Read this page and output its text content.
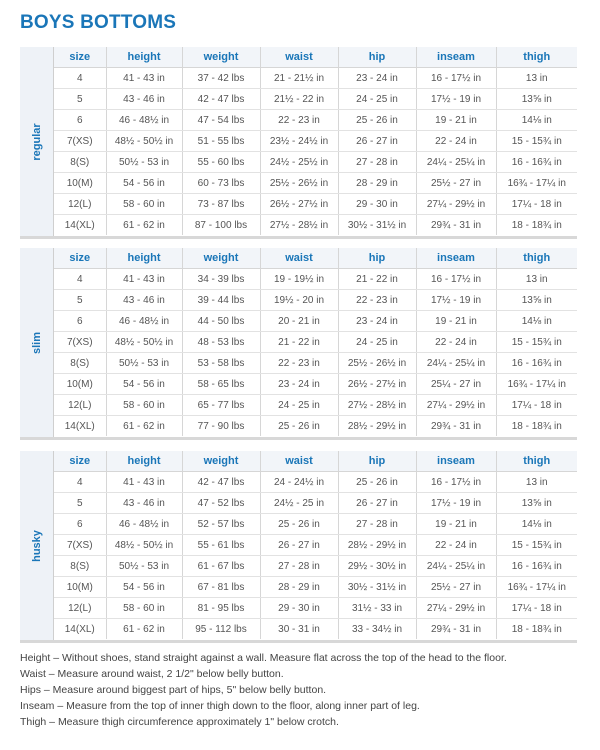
BOYS BOTTOMS
regular
size	height	weight	waist	hip	inseam	thigh
4	41 - 43 in	37 - 42 lbs	21 - 21½ in	23 - 24 in	16 - 17½ in	13 in
5	43 - 46 in	42 - 47 lbs	21½ - 22 in	24 - 25 in	17½ - 19 in	13⅝ in
6	46 - 48½ in	47 - 54 lbs	22 - 23 in	25 - 26 in	19 - 21 in	14⅛ in
7(XS)	48½ - 50½ in	51 - 55 lbs	23½ - 24½ in	26 - 27 in	22 - 24 in	15 - 15¾ in
8(S)	50½ - 53 in	55 - 60 lbs	24½ - 25½ in	27 - 28 in	24¼ - 25¼ in	16 - 16¾ in
10(M)	54 - 56 in	60 - 73 lbs	25½ - 26½ in	28 - 29 in	25½ - 27 in	16¾ - 17¼ in
12(L)	58 - 60 in	73 - 87 lbs	26½ - 27½ in	29 - 30 in	27¼ - 29½ in	17¼ - 18 in
14(XL)	61 - 62 in	87 - 100 lbs	27½ - 28½ in	30½ - 31½ in	29¾ - 31 in	18 - 18¾ in
slim
size	height	weight	waist	hip	inseam	thigh
4	41 - 43 in	34 - 39 lbs	19 - 19½ in	21 - 22 in	16 - 17½ in	13 in
5	43 - 46 in	39 - 44 lbs	19½ - 20 in	22 - 23 in	17½ - 19 in	13⅝ in
6	46 - 48½ in	44 - 50 lbs	20 - 21 in	23 - 24 in	19 - 21 in	14⅛ in
7(XS)	48½ - 50½ in	48 - 53 lbs	21 - 22 in	24 - 25 in	22 - 24 in	15 - 15¾ in
8(S)	50½ - 53 in	53 - 58 lbs	22 - 23 in	25½ - 26½ in	24¼ - 25¼ in	16 - 16¾ in
10(M)	54 - 56 in	58 - 65 lbs	23 - 24 in	26½ - 27½ in	25¼ - 27 in	16¾ - 17¼ in
12(L)	58 - 60 in	65 - 77 lbs	24 - 25 in	27½ - 28½ in	27¼ - 29½ in	17¼ - 18 in
14(XL)	61 - 62 in	77 - 90 lbs	25 - 26 in	28½ - 29½ in	29¾ - 31 in	18 - 18¾ in
husky
size	height	weight	waist	hip	inseam	thigh
4	41 - 43 in	42 - 47 lbs	24 - 24½ in	25 - 26 in	16 - 17½ in	13 in
5	43 - 46 in	47 - 52 lbs	24½ - 25 in	26 - 27 in	17½ - 19 in	13⅝ in
6	46 - 48½ in	52 - 57 lbs	25 - 26 in	27 - 28 in	19 - 21 in	14⅛ in
7(XS)	48½ - 50½ in	55 - 61 lbs	26 - 27 in	28½ - 29½ in	22 - 24 in	15 - 15¾ in
8(S)	50½ - 53 in	61 - 67 lbs	27 - 28 in	29½ - 30½ in	24¼ - 25¼ in	16 - 16¾ in
10(M)	54 - 56 in	67 - 81 lbs	28 - 29 in	30½ - 31½ in	25½ - 27 in	16¾ - 17¼ in
12(L)	58 - 60 in	81 - 95 lbs	29 - 30 in	31½ - 33 in	27¼ - 29½ in	17¼ - 18 in
14(XL)	61 - 62 in	95 - 112 lbs	30 - 31 in	33 - 34½ in	29¾ - 31 in	18 - 18¾ in

Height – Without shoes, stand straight against a wall. Measure flat across the top of the head to the floor.

Waist – Measure around waist, 2 1/2" below belly button.

Hips – Measure around biggest part of hips, 5" below belly button.

Inseam – Measure from the top of inner thigh down to the floor, along inner part of leg.

Thigh – Measure thigh circumference approximately 1" below crotch.
